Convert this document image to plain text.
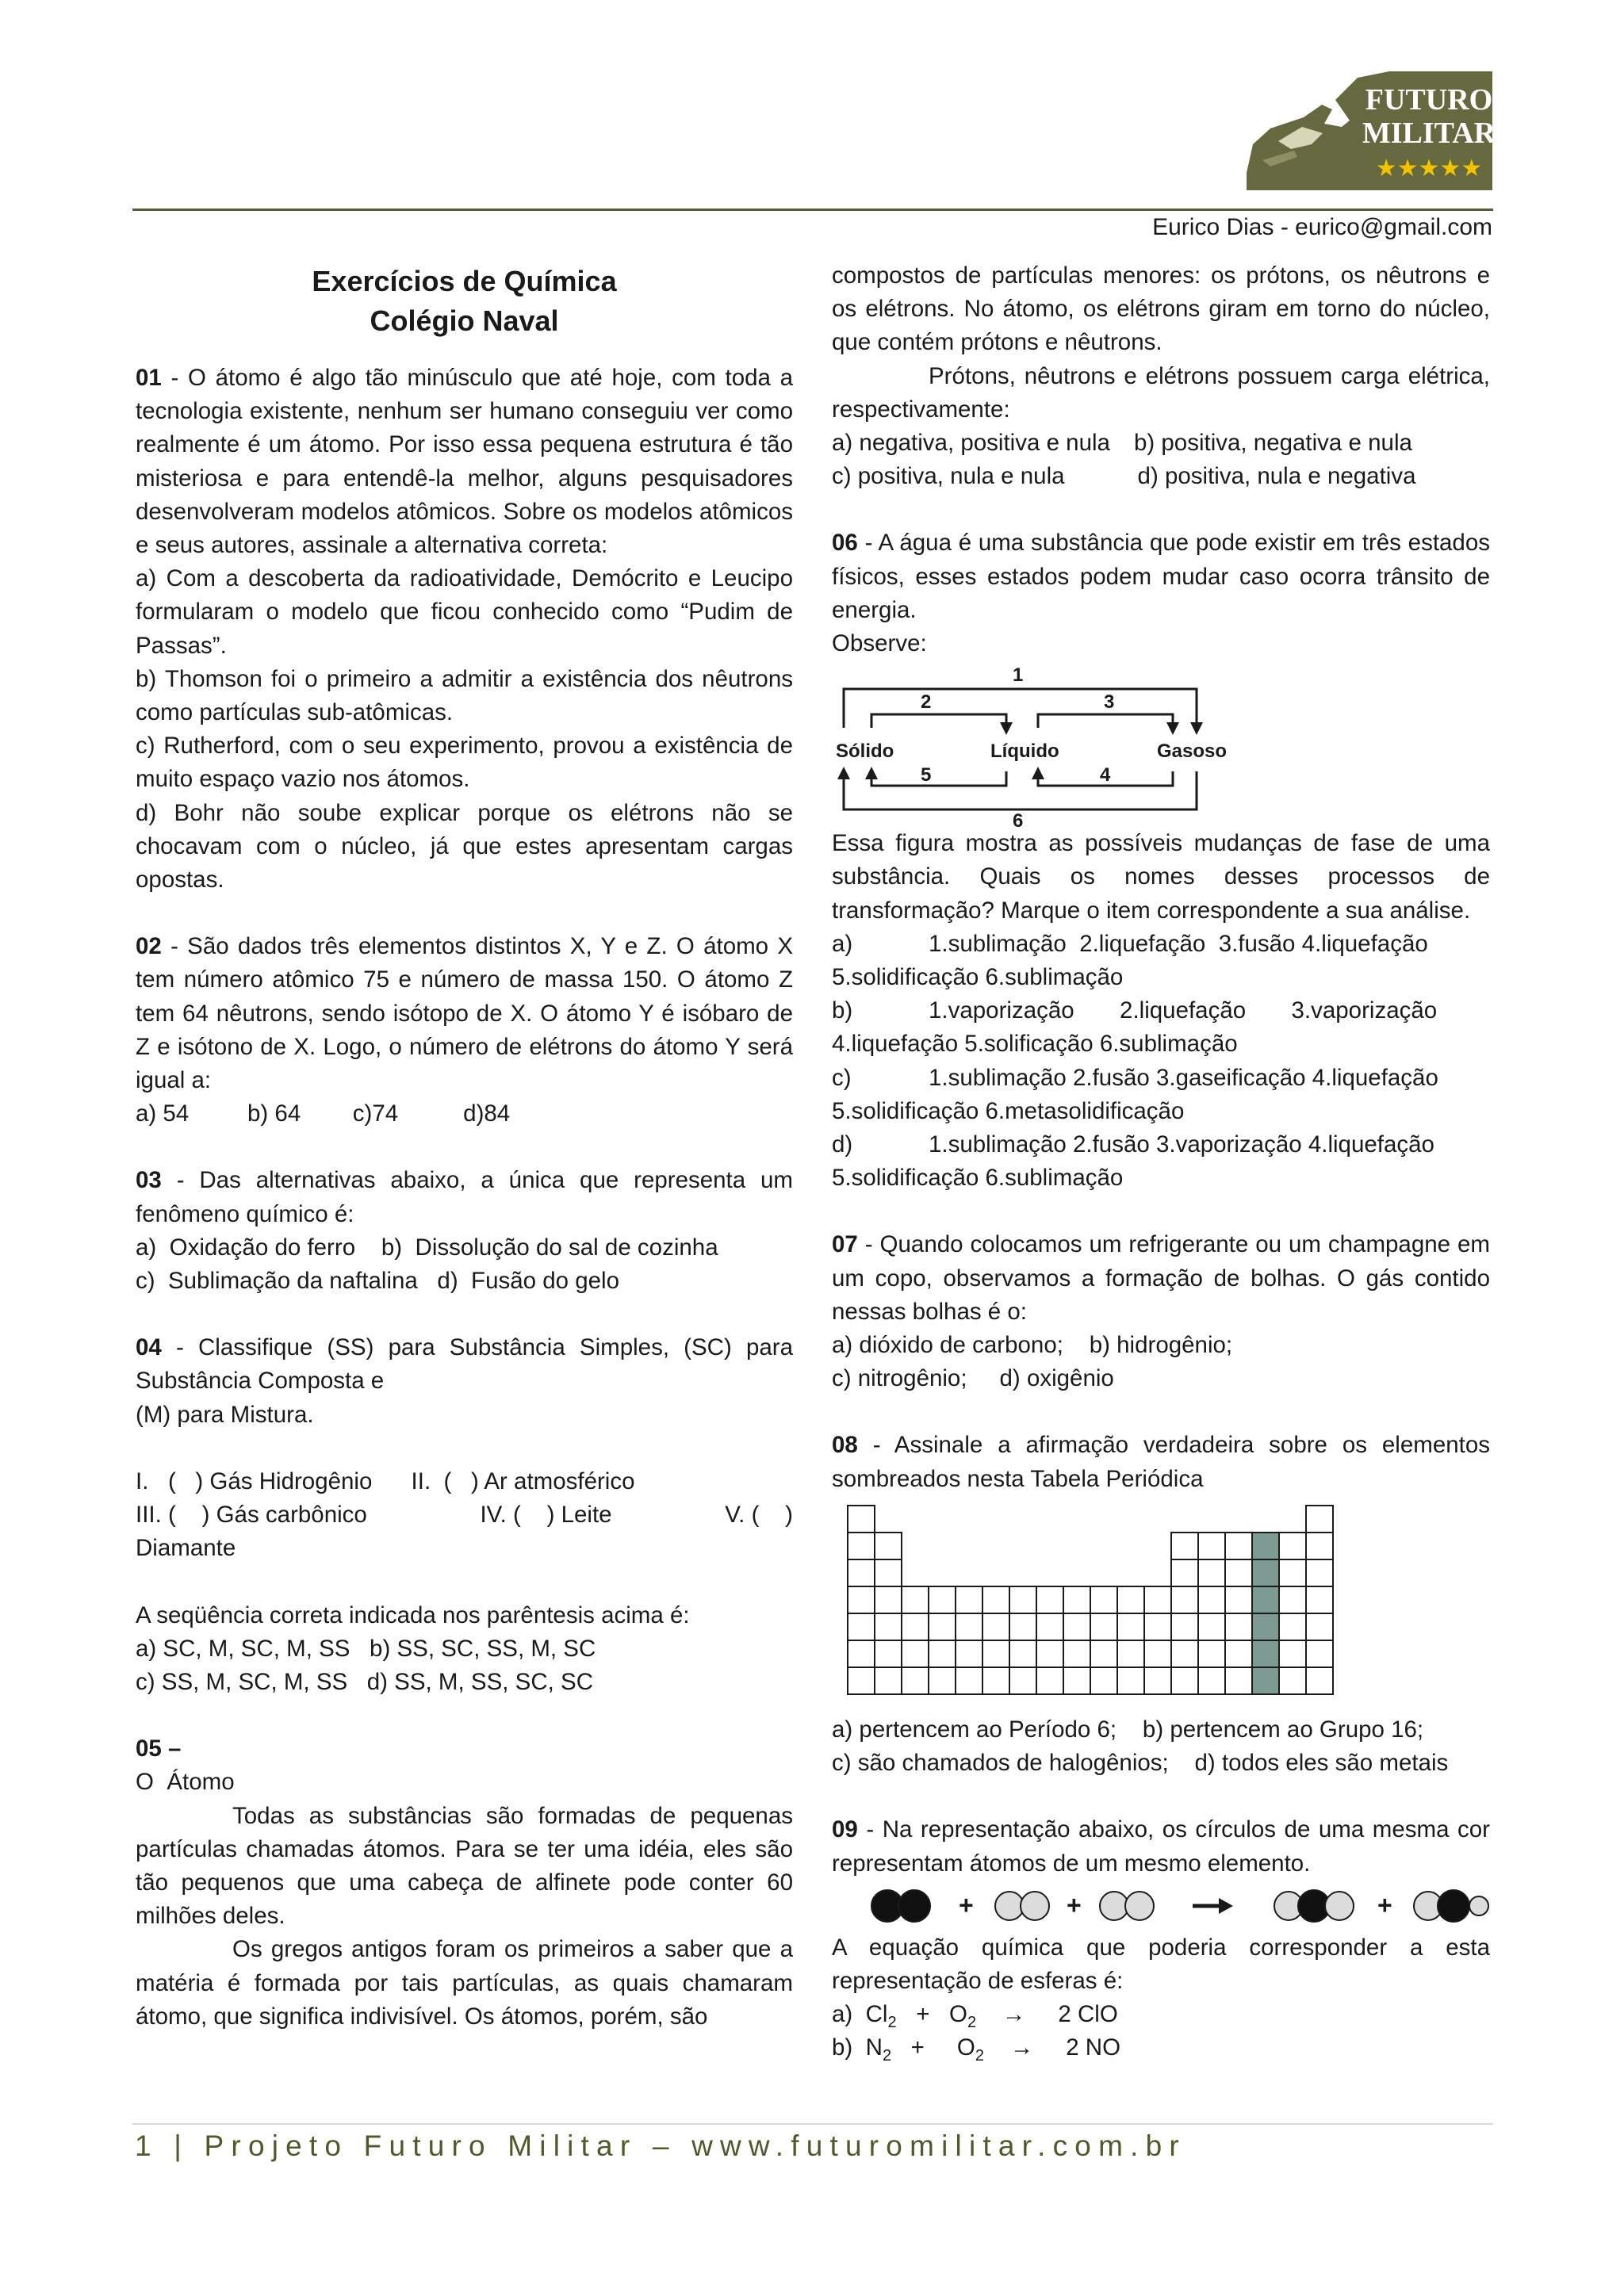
FUTURO
MILITAR
★★★★★
Eurico Dias - eurico@gmail.com
Exercícios de Química
Colégio Naval

01 - O átomo é algo tão minúsculo que até hoje, com toda a tecnologia existente, nenhum ser humano conseguiu ver como realmente é um átomo. Por isso essa pequena estrutura é tão misteriosa e para entendê-la melhor, alguns pesquisadores desenvolveram modelos atômicos. Sobre os modelos atômicos e seus autores, assinale a alternativa correta:

a) Com a descoberta da radioatividade, Demócrito e Leucipo formularam o modelo que ficou conhecido como “Pudim de Passas”.

b) Thomson foi o primeiro a admitir a existência dos nêutrons como partículas sub-atômicas.

c) Rutherford, com o seu experimento, provou a existência de muito espaço vazio nos átomos.

d) Bohr não soube explicar porque os elétrons não se chocavam com o núcleo, já que estes apresentam cargas opostas.

02 - São dados três elementos distintos X, Y e Z. O átomo X tem número atômico 75 e número de massa 150. O átomo Z tem 64 nêutrons, sendo isótopo de X. O átomo Y é isóbaro de Z e isótono de X. Logo, o número de elétrons do átomo Y será igual a:

a) 54         b) 64        c)74          d)84

03 - Das alternativas abaixo, a única que representa um fenômeno químico é:

a)  Oxidação do ferro    b)  Dissolução do sal de cozinha

c)  Sublimação da naftalina   d)  Fusão do gelo

04 - Classifique (SS) para Substância Simples, (SC) para Substância Composta e

(M) para Mistura.

I.   (   ) Gás Hidrogênio      II.  (   ) Ar atmosférico

III. (    ) Gás carbônico	IV. (    ) Leite	V. (    )

Diamante

A seqüência correta indicada nos parêntesis acima é:

a) SC, M, SC, M, SS   b) SS, SC, SS, M, SC

c) SS, M, SC, M, SS   d) SS, M, SS, SC, SC

05 –

O  Átomo

Todas as substâncias são formadas de pequenas partículas chamadas átomos. Para se ter uma idéia, eles são tão pequenos que uma cabeça de alfinete pode conter 60 milhões deles.

Os gregos antigos foram os primeiros a saber que a matéria é formada por tais partículas, as quais chamaram átomo, que significa indivisível. Os átomos, porém, são

compostos de partículas menores: os prótons, os nêutrons e os elétrons. No átomo, os elétrons giram em torno do núcleo, que contém prótons e nêutrons.

Prótons, nêutrons e elétrons possuem carga elétrica, respectivamente:

a) negativa, positiva e nula b) positiva, negativa e nula
c) positiva, nula e nula	d) positiva, nula e negativa

06 - A água é uma substância que pode existir em três estados físicos, esses estados podem mudar caso ocorra trânsito de energia.

Observe:

Sólido	Líquido	Gasoso
1
2	3
4
5
6

Essa figura mostra as possíveis mudanças de fase de uma substância. Quais os nomes desses processos de transformação? Marque o item correspondente a sua análise.

a)	1.sublimação  2.liquefação  3.fusão 4.liquefação

5.solidificação 6.sublimação

b)	1.vaporização       2.liquefação       3.vaporização

4.liquefação 5.solificação 6.sublimação

c)	1.sublimação 2.fusão 3.gaseificação 4.liquefação

5.solidificação 6.metasolidificação

d)	1.sublimação 2.fusão 3.vaporização 4.liquefação

5.solidificação 6.sublimação

07 - Quando colocamos um refrigerante ou um champagne em um copo, observamos a formação de bolhas. O gás contido nessas bolhas é o:

a) dióxido de carbono;    b) hidrogênio;

c) nitrogênio;     d) oxigênio

08 - Assinale a afirmação verdadeira sobre os elementos sombreados nesta Tabela Periódica

a) pertencem ao Período 6;    b) pertencem ao Grupo 16;

c) são chamados de halogênios;    d) todos eles são metais

09 - Na representação abaixo, os círculos de uma mesma cor representam átomos de um mesmo elemento.

+	+	+

A equação química que poderia corresponder a esta representação de esferas é:

a)  $Cl_2 + O_2$    →     2 ClO
b)  $N_2$   +     $O_2$    →     2 NO
1 | Projeto Futuro Militar – www.futuromilitar.com.br
